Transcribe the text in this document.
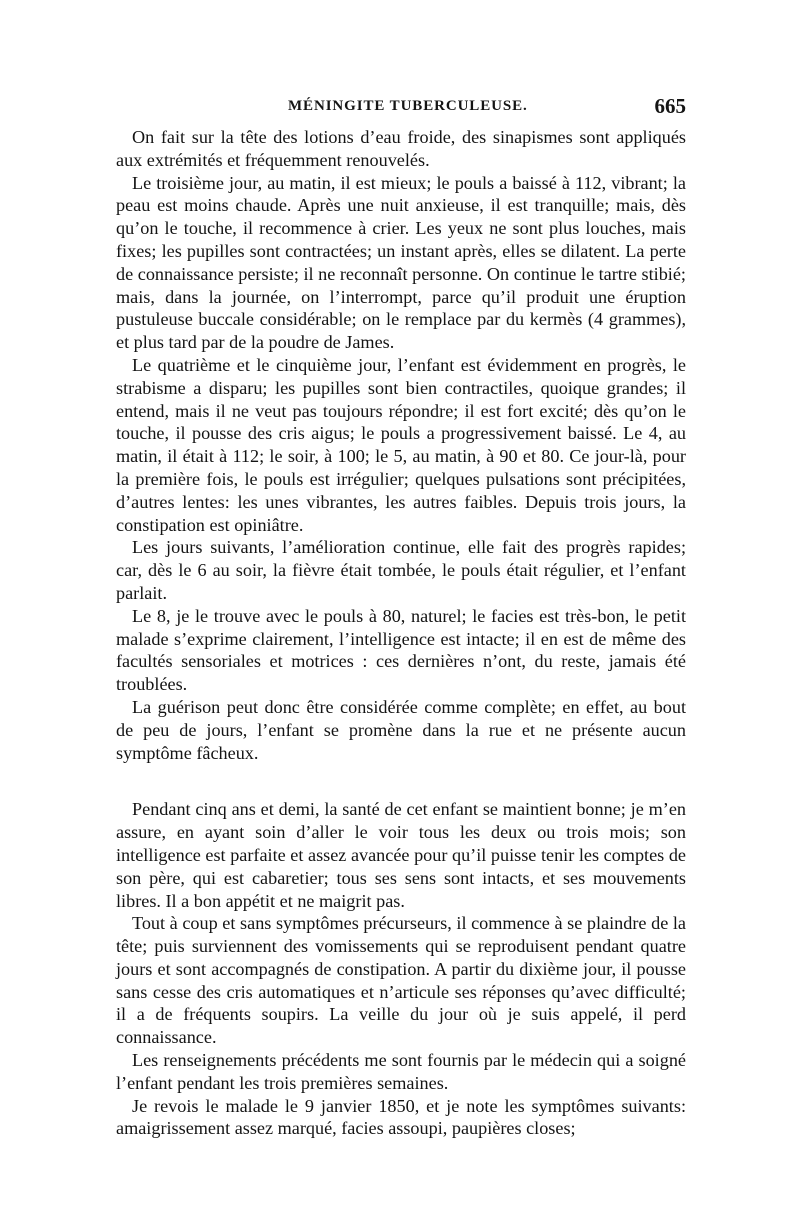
MÉNINGITE TUBERCULEUSE.	665

On fait sur la tête des lotions d’eau froide, des sinapismes sont appliqués aux extrémités et fréquemment renouvelés.

Le troisième jour, au matin, il est mieux; le pouls a baissé à 112, vibrant; la peau est moins chaude. Après une nuit anxieuse, il est tranquille; mais, dès qu’on le touche, il recommence à crier. Les yeux ne sont plus louches, mais fixes; les pupilles sont contractées; un instant après, elles se dilatent. La perte de connaissance persiste; il ne reconnaît personne. On continue le tartre stibié; mais, dans la journée, on l’interrompt, parce qu’il produit une éruption pustuleuse buccale considérable; on le remplace par du kermès (4 grammes), et plus tard par de la poudre de James.

Le quatrième et le cinquième jour, l’enfant est évidemment en progrès, le strabisme a disparu; les pupilles sont bien contractiles, quoique grandes; il entend, mais il ne veut pas toujours répondre; il est fort excité; dès qu’on le touche, il pousse des cris aigus; le pouls a progressivement baissé. Le 4, au matin, il était à 112; le soir, à 100; le 5, au matin, à 90 et 80. Ce jour-là, pour la première fois, le pouls est irrégulier; quelques pulsations sont précipitées, d’autres lentes: les unes vibrantes, les autres faibles. Depuis trois jours, la constipation est opiniâtre.

Les jours suivants, l’amélioration continue, elle fait des progrès rapides; car, dès le 6 au soir, la fièvre était tombée, le pouls était régulier, et l’enfant parlait.

Le 8, je le trouve avec le pouls à 80, naturel; le facies est très-bon, le petit malade s’exprime clairement, l’intelligence est intacte; il en est de même des facultés sensoriales et motrices : ces dernières n’ont, du reste, jamais été troublées.

La guérison peut donc être considérée comme complète; en effet, au bout de peu de jours, l’enfant se promène dans la rue et ne présente aucun symptôme fâcheux.

Pendant cinq ans et demi, la santé de cet enfant se maintient bonne; je m’en assure, en ayant soin d’aller le voir tous les deux ou trois mois; son intelligence est parfaite et assez avancée pour qu’il puisse tenir les comptes de son père, qui est cabaretier; tous ses sens sont intacts, et ses mouvements libres. Il a bon appétit et ne maigrit pas.

Tout à coup et sans symptômes précurseurs, il commence à se plaindre de la tête; puis surviennent des vomissements qui se reproduisent pendant quatre jours et sont accompagnés de constipation. A partir du dixième jour, il pousse sans cesse des cris automatiques et n’articule ses réponses qu’avec difficulté; il a de fréquents soupirs. La veille du jour où je suis appelé, il perd connaissance.

Les renseignements précédents me sont fournis par le médecin qui a soigné l’enfant pendant les trois premières semaines.

Je revois le malade le 9 janvier 1850, et je note les symptômes suivants: amaigrissement assez marqué, facies assoupi, paupières closes;
